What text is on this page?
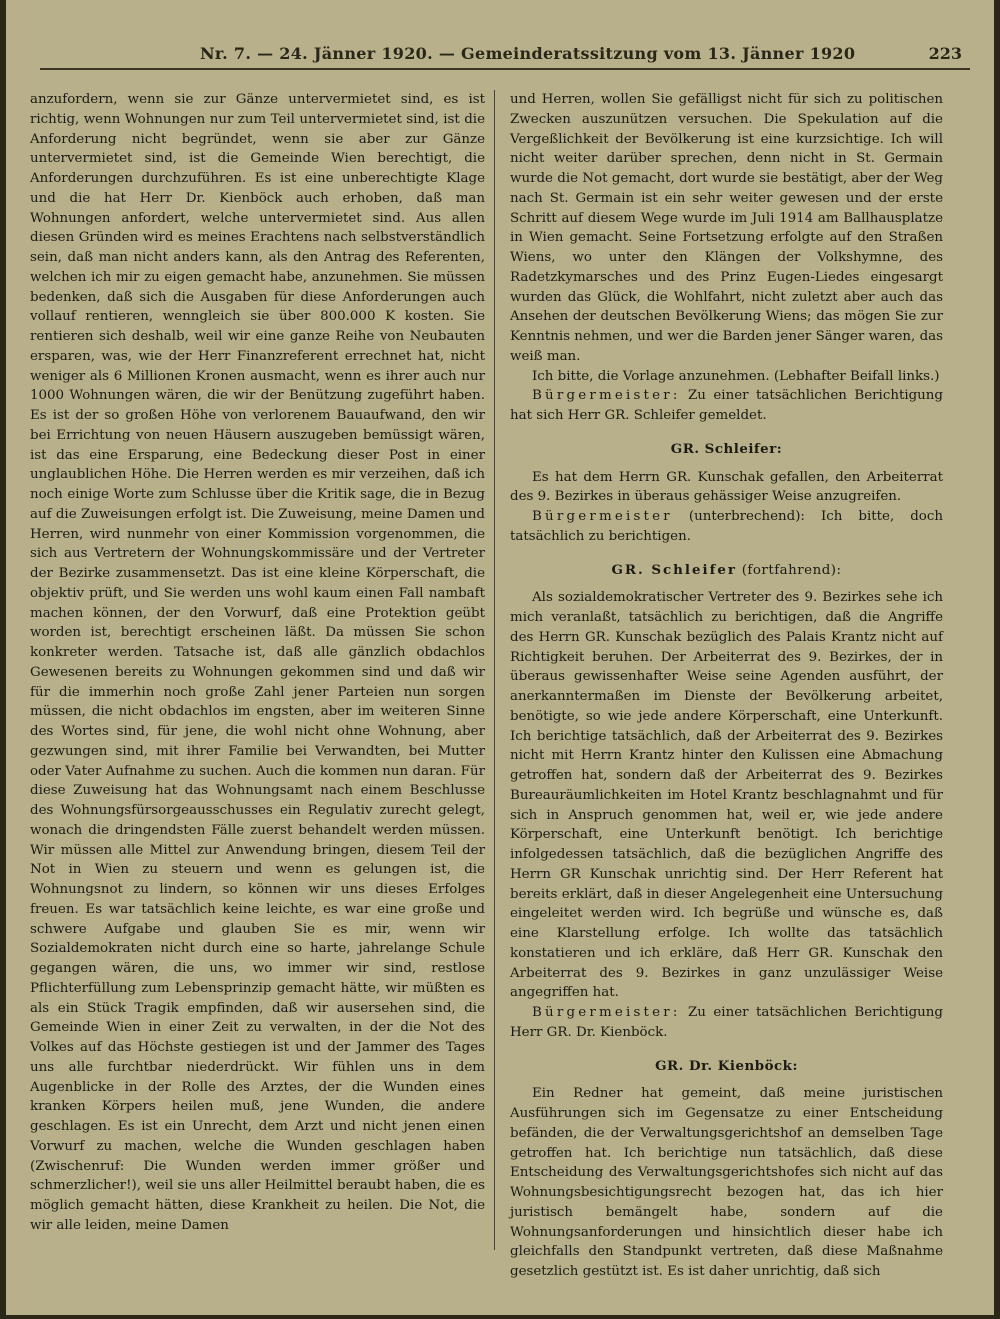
Nr. 7. — 24. Jänner 1920. — Gemeinderatssitzung vom 13. Jänner 1920	223

anzufordern, wenn sie zur Gänze untervermietet sind, es ist richtig, wenn Wohnungen nur zum Teil untervermietet sind, ist die Anforderung nicht begründet, wenn sie aber zur Gänze untervermietet sind, ist die Gemeinde Wien berechtigt, die Anforderungen durchzuführen. Es ist eine unberechtigte Klage und die hat Herr Dr. Kienböck auch erhoben, daß man Wohnungen anfordert, welche untervermietet sind. Aus allen diesen Gründen wird es meines Erachtens nach selbstverständlich sein, daß man nicht anders kann, als den Antrag des Referenten, welchen ich mir zu eigen gemacht habe, anzunehmen. Sie müssen bedenken, daß sich die Ausgaben für diese Anforderungen auch vollauf rentieren, wenngleich sie über 800.000 K kosten. Sie rentieren sich deshalb, weil wir eine ganze Reihe von Neubauten ersparen, was, wie der Herr Finanzreferent errechnet hat, nicht weniger als 6 Millionen Kronen ausmacht, wenn es ihrer auch nur 1000 Wohnungen wären, die wir der Benützung zugeführt haben. Es ist der so großen Höhe von verlorenem Bauaufwand, den wir bei Errichtung von neuen Häusern auszugeben bemüssigt wären, ist das eine Ersparung, eine Bedeckung dieser Post in einer unglaublichen Höhe. Die Herren werden es mir verzeihen, daß ich noch einige Worte zum Schlusse über die Kritik sage, die in Bezug auf die Zuweisungen erfolgt ist. Die Zuweisung, meine Damen und Herren, wird nunmehr von einer Kommission vorgenommen, die sich aus Vertretern der Wohnungskommissäre und der Vertreter der Bezirke zusammensetzt. Das ist eine kleine Körperschaft, die objektiv prüft, und Sie werden uns wohl kaum einen Fall nambaft machen können, der den Vorwurf, daß eine Protektion geübt worden ist, berechtigt erscheinen läßt. Da müssen Sie schon konkreter werden. Tatsache ist, daß alle gänzlich obdachlos Gewesenen bereits zu Wohnungen gekommen sind und daß wir für die immerhin noch große Zahl jener Parteien nun sorgen müssen, die nicht obdachlos im engsten, aber im weiteren Sinne des Wortes sind, für jene, die wohl nicht ohne Wohnung, aber gezwungen sind, mit ihrer Familie bei Verwandten, bei Mutter oder Vater Aufnahme zu suchen. Auch die kommen nun daran. Für diese Zuweisung hat das Wohnungsamt nach einem Beschlusse des Wohnungsfürsorgeausschusses ein Regulativ zurecht gelegt, wonach die dringendsten Fälle zuerst behandelt werden müssen. Wir müssen alle Mittel zur Anwendung bringen, diesem Teil der Not in Wien zu steuern und wenn es gelungen ist, die Wohnungsnot zu lindern, so können wir uns dieses Erfolges freuen. Es war tatsächlich keine leichte, es war eine große und schwere Aufgabe und glauben Sie es mir, wenn wir Sozialdemokraten nicht durch eine so harte, jahrelange Schule gegangen wären, die uns, wo immer wir sind, restlose Pflichterfüllung zum Lebensprinzip gemacht hätte, wir müßten es als ein Stück Tragik empfinden, daß wir ausersehen sind, die Gemeinde Wien in einer Zeit zu verwalten, in der die Not des Volkes auf das Höchste gestiegen ist und der Jammer des Tages uns alle furchtbar niederdrückt. Wir fühlen uns in dem Augenblicke in der Rolle des Arztes, der die Wunden eines kranken Körpers heilen muß, jene Wunden, die andere geschlagen. Es ist ein Unrecht, dem Arzt und nicht jenen einen Vorwurf zu machen, welche die Wunden geschlagen haben (Zwischenruf: Die Wunden werden immer größer und schmerzlicher!), weil sie uns aller Heilmittel beraubt haben, die es möglich gemacht hätten, diese Krankheit zu heilen. Die Not, die wir alle leiden, meine Damen

und Herren, wollen Sie gefälligst nicht für sich zu politischen Zwecken auszunützen versuchen. Die Spekulation auf die Vergeßlichkeit der Bevölkerung ist eine kurzsichtige. Ich will nicht weiter darüber sprechen, denn nicht in St. Germain wurde die Not gemacht, dort wurde sie bestätigt, aber der Weg nach St. Germain ist ein sehr weiter gewesen und der erste Schritt auf diesem Wege wurde im Juli 1914 am Ballhausplatze in Wien gemacht. Seine Fortsetzung erfolgte auf den Straßen Wiens, wo unter den Klängen der Volkshymne, des Radetzkymarsches und des Prinz Eugen-Liedes eingesargt wurden das Glück, die Wohlfahrt, nicht zuletzt aber auch das Ansehen der deutschen Bevölkerung Wiens; das mögen Sie zur Kenntnis nehmen, und wer die Barden jener Sänger waren, das weiß man.

Ich bitte, die Vorlage anzunehmen. (Lebhafter Beifall links.)

Bürgermeister: Zu einer tatsächlichen Berichtigung hat sich Herr GR. Schleifer gemeldet.

GR. Schleifer:

Es hat dem Herrn GR. Kunschak gefallen, den Arbeiterrat des 9. Bezirkes in überaus gehässiger Weise anzugreifen.

Bürgermeister (unterbrechend): Ich bitte, doch tatsächlich zu berichtigen.

GR. Schleifer (fortfahrend):

Als sozialdemokratischer Vertreter des 9. Bezirkes sehe ich mich veranlaßt, tatsächlich zu berichtigen, daß die Angriffe des Herrn GR. Kunschak bezüglich des Palais Krantz nicht auf Richtigkeit beruhen. Der Arbeiterrat des 9. Bezirkes, der in überaus gewissenhafter Weise seine Agenden ausführt, der anerkanntermaßen im Dienste der Bevölkerung arbeitet, benötigte, so wie jede andere Körperschaft, eine Unterkunft. Ich berichtige tatsächlich, daß der Arbeiterrat des 9. Bezirkes nicht mit Herrn Krantz hinter den Kulissen eine Abmachung getroffen hat, sondern daß der Arbeiterrat des 9. Bezirkes Bureauräumlichkeiten im Hotel Krantz beschlagnahmt und für sich in Anspruch genommen hat, weil er, wie jede andere Körperschaft, eine Unterkunft benötigt. Ich berichtige infolgedessen tatsächlich, daß die bezüglichen Angriffe des Herrn GR Kunschak unrichtig sind. Der Herr Referent hat bereits erklärt, daß in dieser Angelegenheit eine Untersuchung eingeleitet werden wird. Ich begrüße und wünsche es, daß eine Klarstellung erfolge. Ich wollte das tatsächlich konstatieren und ich erkläre, daß Herr GR. Kunschak den Arbeiterrat des 9. Bezirkes in ganz unzulässiger Weise angegriffen hat.

Bürgermeister: Zu einer tatsächlichen Berichtigung Herr GR. Dr. Kienböck.

GR. Dr. Kienböck:

Ein Redner hat gemeint, daß meine juristischen Ausführungen sich im Gegensatze zu einer Entscheidung befänden, die der Verwaltungsgerichtshof an demselben Tage getroffen hat. Ich berichtige nun tatsächlich, daß diese Entscheidung des Verwaltungsgerichtshofes sich nicht auf das Wohnungsbesichtigungsrecht bezogen hat, das ich hier juristisch bemängelt habe, sondern auf die Wohnungsanforderungen und hinsichtlich dieser habe ich gleichfalls den Standpunkt vertreten, daß diese Maßnahme gesetzlich gestützt ist. Es ist daher unrichtig, daß sich
